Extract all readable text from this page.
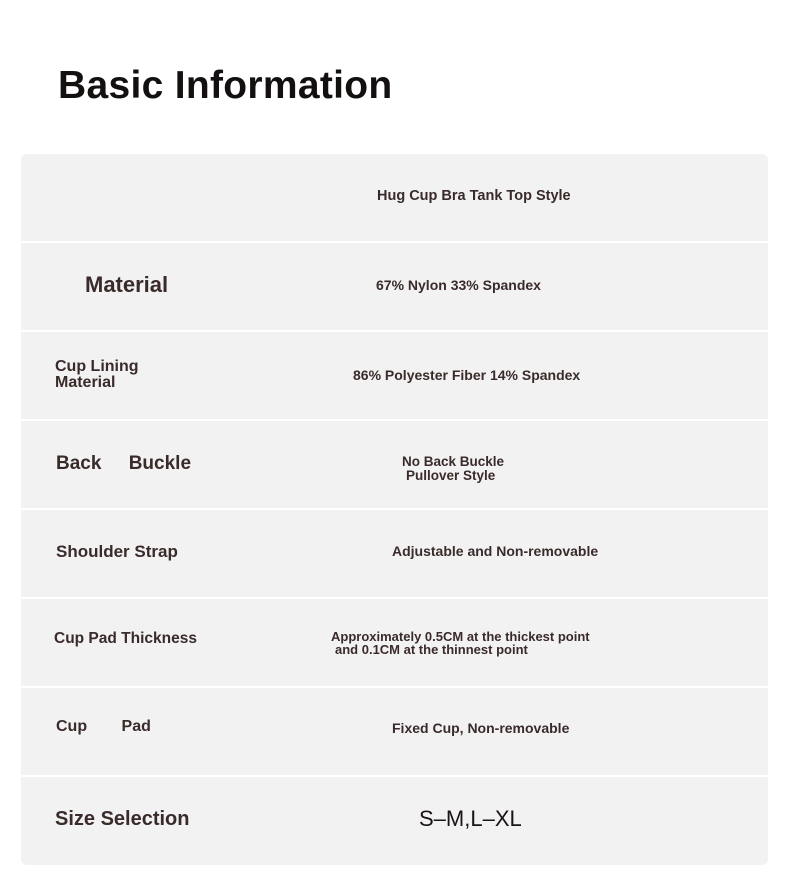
Basic Information
Hug Cup Bra Tank Top Style
Material	67% Nylon 33% Spandex
Cup Lining Material	86% Polyester Fiber 14% Spandex
Back Buckle	No Back Buckle
Pullover Style
Shoulder Strap	Adjustable and Non-removable
Cup Pad Thickness	Approximately 0.5CM at the thickest point
and 0.1CM at the thinnest point
Cup Pad	Fixed Cup, Non-removable
Size Selection	S–M,L–XL
